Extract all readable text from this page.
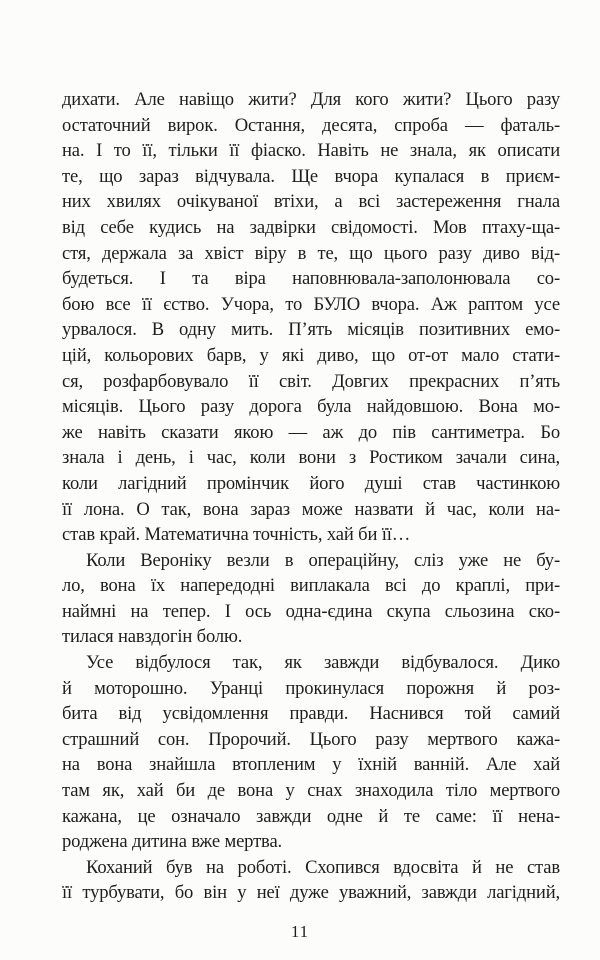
дихати. Але навіщо жити? Для кого жити? Цього разу
остаточний вирок. Остання, десята, спроба — фаталь-
на. І то її, тільки її фіаско. Навіть не знала, як описати
те, що зараз відчувала. Ще вчора купалася в приєм-
них хвилях очікуваної втіхи, а всі застереження гнала
від себе кудись на задвірки свідомості. Мов птаху-ща-
стя, держала за хвіст віру в те, що цього разу диво від-
будеться. І та віра наповнювала-заполонювала со-
бою все її єство. Учора, то БУЛО вчора. Аж раптом усе
урвалося. В одну мить. П’ять місяців позитивних емо-
цій, кольорових барв, у які диво, що от-от мало стати-
ся, розфарбовувало її світ. Довгих прекрасних п’ять
місяців. Цього разу дорога була найдовшою. Вона мо-
же навіть сказати якою — аж до пів сантиметра. Бо
знала і день, і час, коли вони з Ростиком зачали сина,
коли лагідний промінчик його душі став частинкою
її лона. О так, вона зараз може назвати й час, коли на-
став край. Математична точність, хай би її…
Коли Вероніку везли в операційну, сліз уже не бу-
ло, вона їх напередодні виплакала всі до краплі, при-
наймні на тепер. І ось одна-єдина скупа сльозина ско-
тилася навздогін болю.
Усе відбулося так, як завжди відбувалося. Дико
й моторошно. Уранці прокинулася порожня й роз-
бита від усвідомлення правди. Наснився той самий
страшний сон. Пророчий. Цього разу мертвого кажа-
на вона знайшла втопленим у їхній ванній. Але хай
там як, хай би де вона у снах знаходила тіло мертвого
кажана, це означало завжди одне й те саме: її нена-
роджена дитина вже мертва.
Коханий був на роботі. Схопився вдосвіта й не став
її турбувати, бо він у неї дуже уважний, завжди лагідний,
11
